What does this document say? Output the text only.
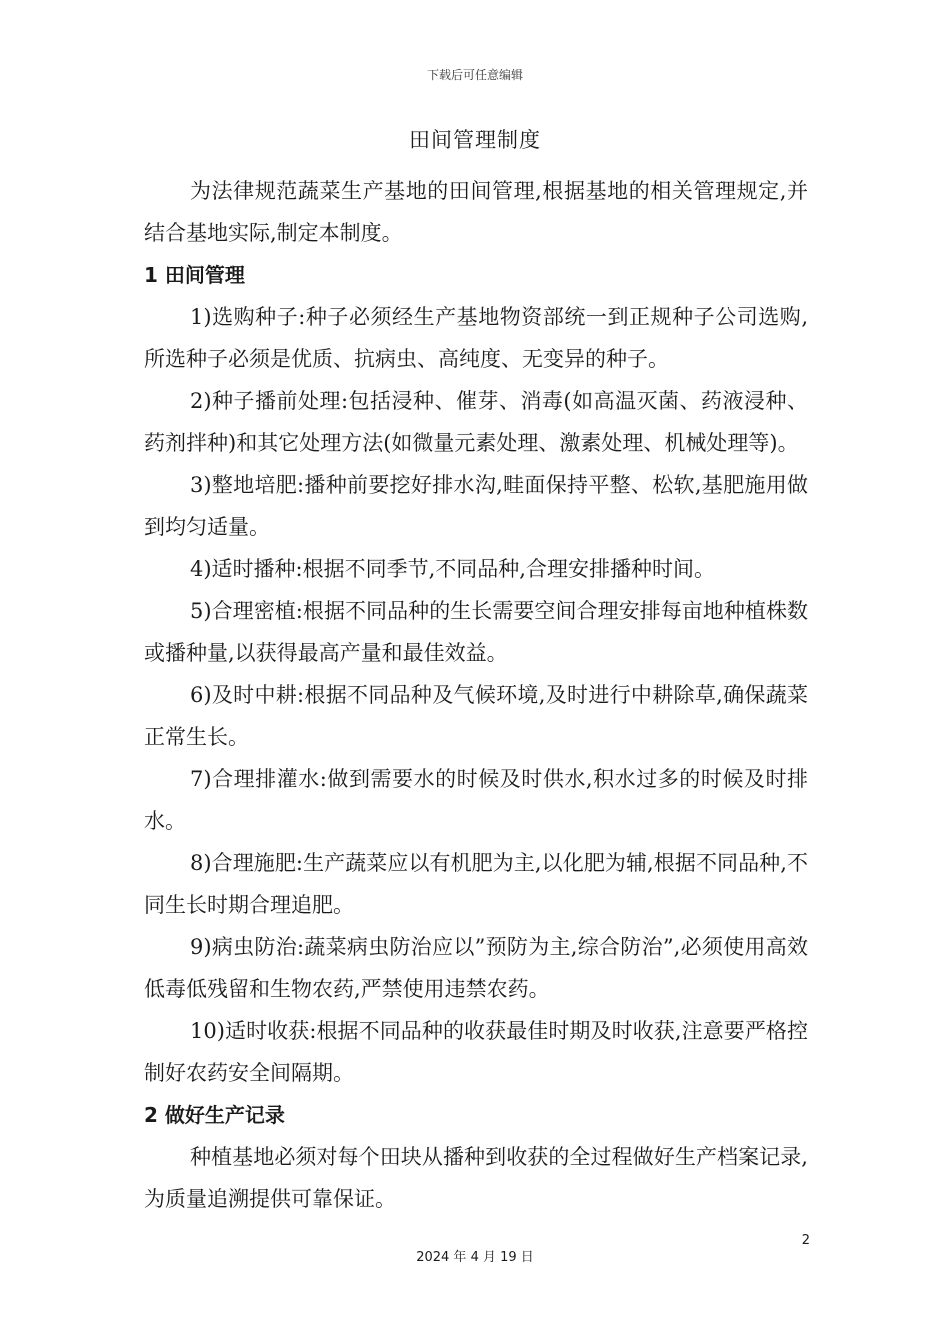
下载后可任意编辑
田间管理制度

为法律规范蔬菜生产基地的田间管理,根据基地的相关管理规定,并结合基地实际,制定本制度。

1 田间管理

1)选购种子:种子必须经生产基地物资部统一到正规种子公司选购,所选种子必须是优质、抗病虫、高纯度、无变异的种子。

2)种子播前处理:包括浸种、催芽、消毒(如高温灭菌、药液浸种、药剂拌种)和其它处理方法(如微量元素处理、激素处理、机械处理等)。

3)整地培肥:播种前要挖好排水沟,畦面保持平整、松软,基肥施用做到均匀适量。

4)适时播种:根据不同季节,不同品种,合理安排播种时间。

5)合理密植:根据不同品种的生长需要空间合理安排每亩地种植株数或播种量,以获得最高产量和最佳效益。

6)及时中耕:根据不同品种及气候环境,及时进行中耕除草,确保蔬菜正常生长。

7)合理排灌水:做到需要水的时候及时供水,积水过多的时候及时排水。

8)合理施肥:生产蔬菜应以有机肥为主,以化肥为辅,根据不同品种,不同生长时期合理追肥。

9)病虫防治:蔬菜病虫防治应以”预防为主,综合防治”,必须使用高效低毒低残留和生物农药,严禁使用违禁农药。

10)适时收获:根据不同品种的收获最佳时期及时收获,注意要严格控制好农药安全间隔期。

2 做好生产记录

种植基地必须对每个田块从播种到收获的全过程做好生产档案记录,为质量追溯提供可靠保证。

2
2024 年 4 月 19 日
